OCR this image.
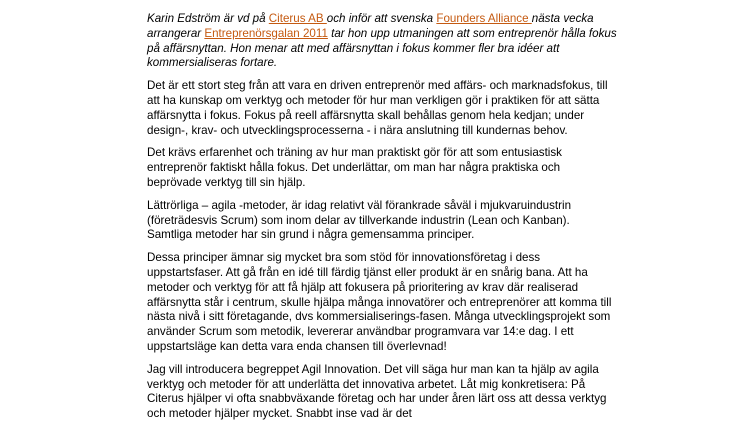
Karin Edström är vd på Citerus AB och inför att svenska Founders Alliance nästa vecka arrangerar Entreprenörsgalan 2011 tar hon upp utmaningen att som entreprenör hålla fokus på affärsnyttan. Hon menar att med affärsnyttan i fokus kommer fler bra idéer att kommersialiseras fortare.

Det är ett stort steg från att vara en driven entreprenör med affärs- och marknadsfokus, till att ha kunskap om verktyg och metoder för hur man verkligen gör i praktiken för att sätta affärsnytta i fokus. Fokus på reell affärsnytta skall behållas genom hela kedjan; under design-, krav- och utvecklingsprocesserna - i nära anslutning till kundernas behov.

Det krävs erfarenhet och träning av hur man praktiskt gör för att som entusiastisk entreprenör faktiskt hålla fokus. Det underlättar, om man har några praktiska och beprövade verktyg till sin hjälp.

Lättrörliga – agila -metoder, är idag relativt väl förankrade såväl i mjukvaruindustrin (företrädesvis Scrum) som inom delar av tillverkande industrin (Lean och Kanban). Samtliga metoder har sin grund i några gemensamma principer.

Dessa principer ämnar sig mycket bra som stöd för innovationsföretag i dess uppstartsfaser. Att gå från en idé till färdig tjänst eller produkt är en snårig bana. Att ha metoder och verktyg för att få hjälp att fokusera på prioritering av krav där realiserad affärsnytta står i centrum, skulle hjälpa många innovatörer och entreprenörer att komma till nästa nivå i sitt företagande, dvs kommersialiserings-fasen. Många utvecklingsprojekt som använder Scrum som metodik, levererar användbar programvara var 14:e dag. I ett uppstartsläge kan detta vara enda chansen till överlevnad!

Jag vill introducera begreppet Agil Innovation. Det vill säga hur man kan ta hjälp av agila verktyg och metoder för att underlätta det innovativa arbetet. Låt mig konkretisera: På Citerus hjälper vi ofta snabbväxande företag och har under åren lärt oss att dessa verktyg och metoder hjälper mycket. Snabbt inse vad är det
